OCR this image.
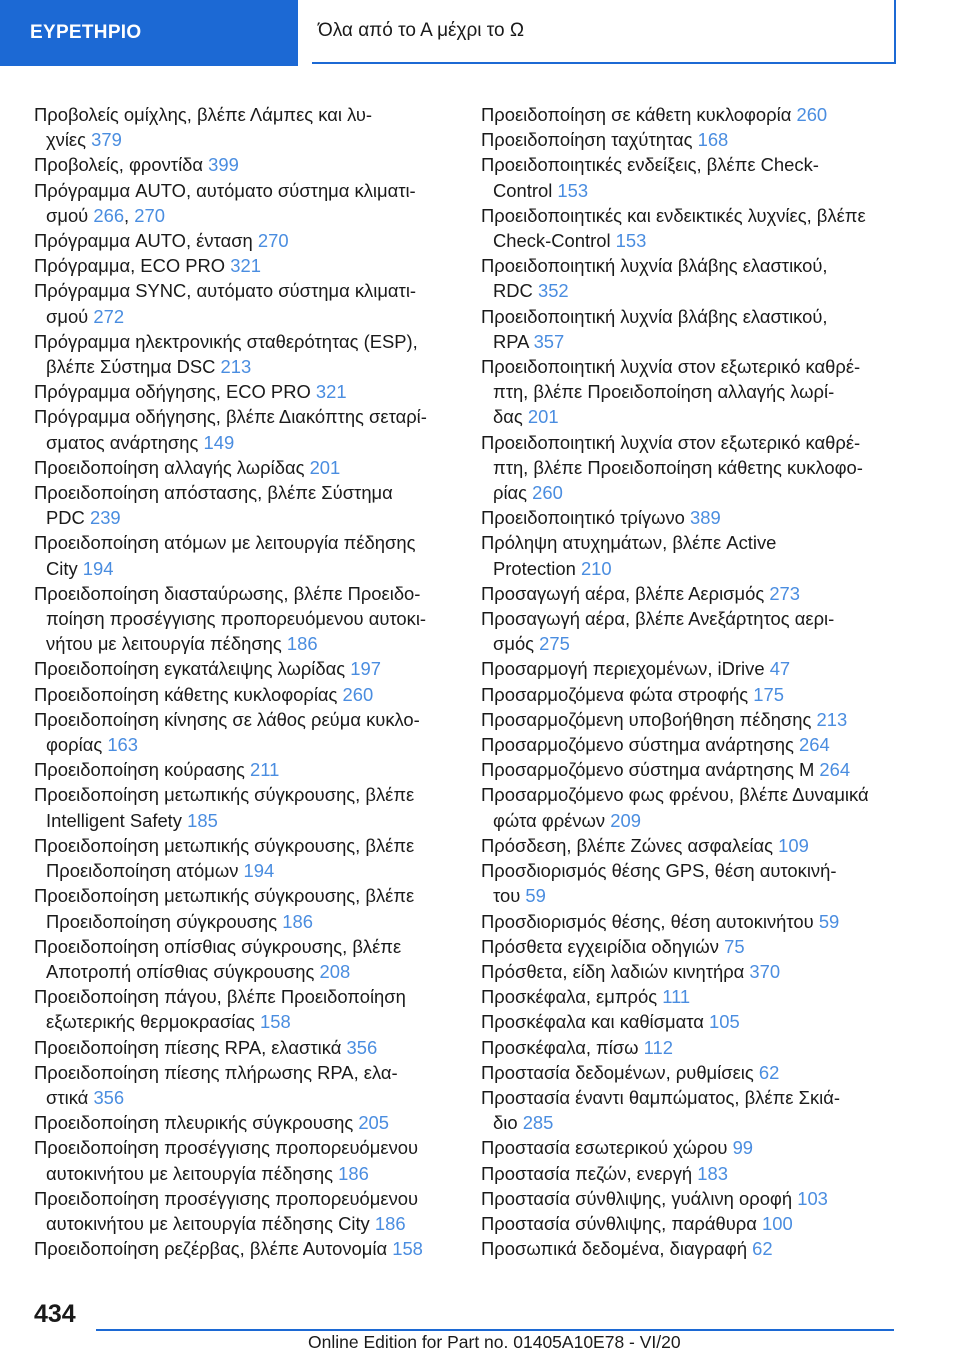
ΕΥΡΕΤΗΡΙΟ	Όλα από το Α μέχρι το Ω

Προβολείς ομίχλης, βλέπε Λάμπες και λυ-
χνίες 379

Προβολείς, φροντίδα 399

Πρόγραμμα AUTO, αυτόματο σύστημα κλιματι-
σμού 266, 270

Πρόγραμμα AUTO, ένταση 270

Πρόγραμμα, ECO PRO 321

Πρόγραμμα SYNC, αυτόματο σύστημα κλιματι-
σμού 272

Πρόγραμμα ηλεκτρονικής σταθερότητας (ESP),
βλέπε Σύστημα DSC 213

Πρόγραμμα οδήγησης, ECO PRO 321

Πρόγραμμα οδήγησης, βλέπε Διακόπτης σεταρί-
σματος ανάρτησης 149

Προειδοποίηση αλλαγής λωρίδας 201

Προειδοποίηση απόστασης, βλέπε Σύστημα
PDC 239

Προειδοποίηση ατόμων με λειτουργία πέδησης
City 194

Προειδοποίηση διασταύρωσης, βλέπε Προειδο-
ποίηση προσέγγισης προπορευόμενου αυτοκι-
νήτου με λειτουργία πέδησης 186

Προειδοποίηση εγκατάλειψης λωρίδας 197

Προειδοποίηση κάθετης κυκλοφορίας 260

Προειδοποίηση κίνησης σε λάθος ρεύμα κυκλο-
φορίας 163

Προειδοποίηση κούρασης 211

Προειδοποίηση μετωπικής σύγκρουσης, βλέπε
Intelligent Safety 185

Προειδοποίηση μετωπικής σύγκρουσης, βλέπε
Προειδοποίηση ατόμων 194

Προειδοποίηση μετωπικής σύγκρουσης, βλέπε
Προειδοποίηση σύγκρουσης 186

Προειδοποίηση οπίσθιας σύγκρουσης, βλέπε
Αποτροπή οπίσθιας σύγκρουσης 208

Προειδοποίηση πάγου, βλέπε Προειδοποίηση
εξωτερικής θερμοκρασίας 158

Προειδοποίηση πίεσης RPA, ελαστικά 356

Προειδοποίηση πίεσης πλήρωσης RPA, ελα-
στικά 356

Προειδοποίηση πλευρικής σύγκρουσης 205

Προειδοποίηση προσέγγισης προπορευόμενου
αυτοκινήτου με λειτουργία πέδησης 186

Προειδοποίηση προσέγγισης προπορευόμενου
αυτοκινήτου με λειτουργία πέδησης City 186

Προειδοποίηση ρεζέρβας, βλέπε Αυτονομία 158

Προειδοποίηση σε κάθετη κυκλοφορία 260

Προειδοποίηση ταχύτητας 168

Προειδοποιητικές ενδείξεις, βλέπε Check-
Control 153

Προειδοποιητικές και ενδεικτικές λυχνίες, βλέπε
Check-Control 153

Προειδοποιητική λυχνία βλάβης ελαστικού,
RDC 352

Προειδοποιητική λυχνία βλάβης ελαστικού,
RPA 357

Προειδοποιητική λυχνία στον εξωτερικό καθρέ-
πτη, βλέπε Προειδοποίηση αλλαγής λωρί-
δας 201

Προειδοποιητική λυχνία στον εξωτερικό καθρέ-
πτη, βλέπε Προειδοποίηση κάθετης κυκλοφο-
ρίας 260

Προειδοποιητικό τρίγωνο 389

Πρόληψη ατυχημάτων, βλέπε Active
Protection 210

Προσαγωγή αέρα, βλέπε Αερισμός 273

Προσαγωγή αέρα, βλέπε Ανεξάρτητος αερι-
σμός 275

Προσαρμογή περιεχομένων, iDrive 47

Προσαρμοζόμενα φώτα στροφής 175

Προσαρμοζόμενη υποβοήθηση πέδησης 213

Προσαρμοζόμενο σύστημα ανάρτησης 264

Προσαρμοζόμενο σύστημα ανάρτησης M 264

Προσαρμοζόμενο φως φρένου, βλέπε Δυναμικά
φώτα φρένων 209

Πρόσδεση, βλέπε Ζώνες ασφαλείας 109

Προσδιορισμός θέσης GPS, θέση αυτοκινή-
του 59

Προσδιορισμός θέσης, θέση αυτοκινήτου 59

Πρόσθετα εγχειρίδια οδηγιών 75

Πρόσθετα, είδη λαδιών κινητήρα 370

Προσκέφαλα, εμπρός 111

Προσκέφαλα και καθίσματα 105

Προσκέφαλα, πίσω 112

Προστασία δεδομένων, ρυθμίσεις 62

Προστασία έναντι θαμπώματος, βλέπε Σκιά-
διο 285

Προστασία εσωτερικού χώρου 99

Προστασία πεζών, ενεργή 183

Προστασία σύνθλιψης, γυάλινη οροφή 103

Προστασία σύνθλιψης, παράθυρα 100

Προσωπικά δεδομένα, διαγραφή 62

434
Online Edition for Part no. 01405A10E78 - VI/20
